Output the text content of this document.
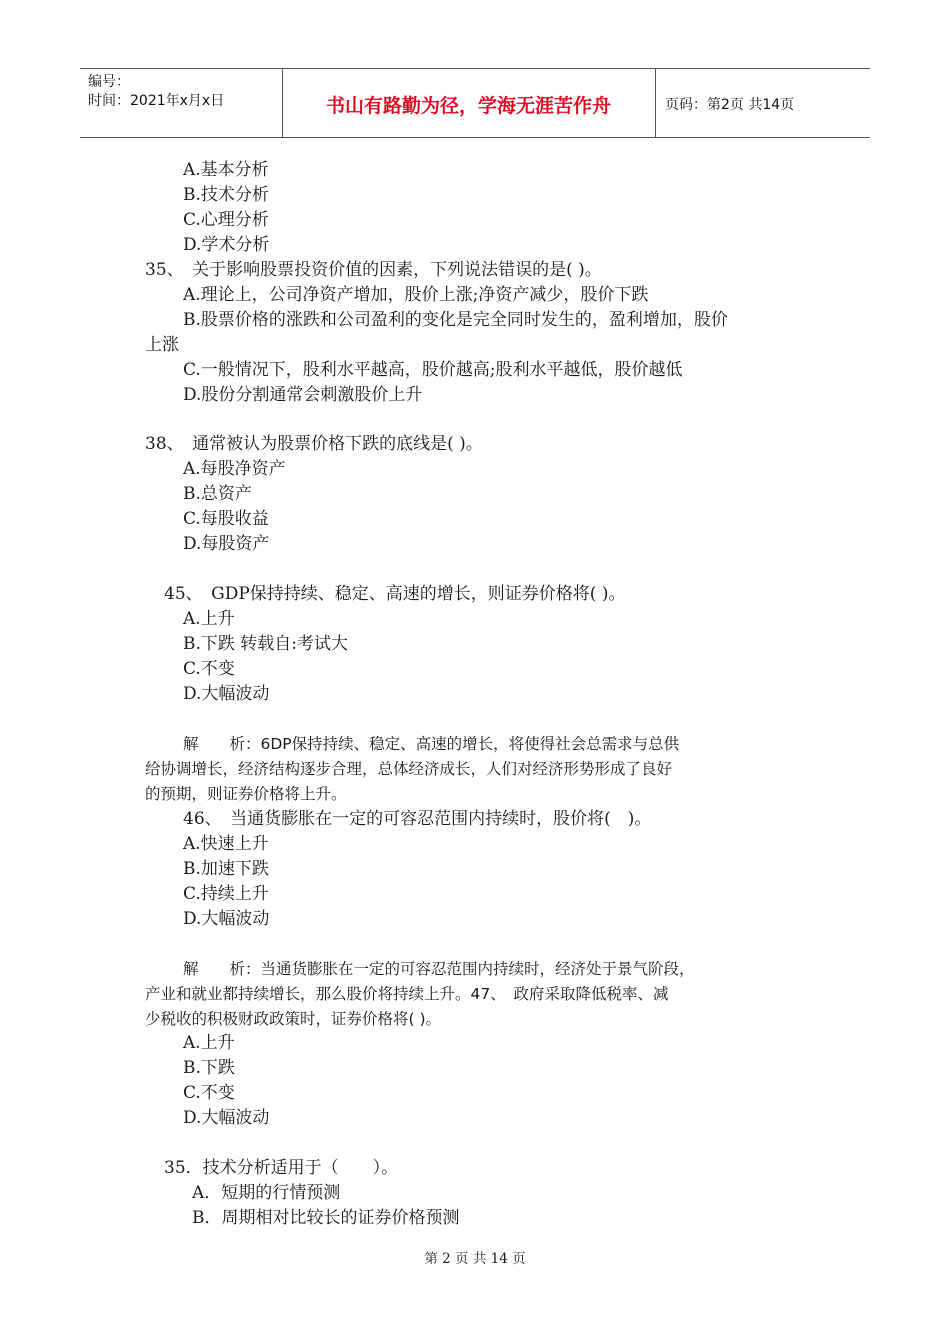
编号：
时间：2021年x月x日	书山有路勤为径，学海无涯苦作舟	页码：第2页 共14页
A.基本分析
B.技术分析
C.心理分析
D.学术分析
35、　关于影响股票投资价值的因素，下列说法错误的是( )。
A.理论上，公司净资产增加，股价上涨;净资产减少，股价下跌
B.股票价格的涨跌和公司盈利的变化是完全同时发生的，盈利增加，股价
上涨
C.一般情况下，股利水平越高，股价越高;股利水平越低，股价越低
D.股份分割通常会刺激股价上升
38、　通常被认为股票价格下跌的底线是( )。
A.每股净资产
B.总资产
C.每股收益
D.每股资产
45、　GDP保持持续、稳定、高速的增长，则证券价格将( )。
A.上升
B.下跌 转载自:考试大
C.不变
D.大幅波动
解　　析：6DP保持持续、稳定、高速的增长，将使得社会总需求与总供
给协调增长，经济结构逐步合理，总体经济成长，人们对经济形势形成了良好
的预期，则证券价格将上升。
46、　当通货膨胀在一定的可容忍范围内持续时，股价将(　)。
A.快速上升
B.加速下跌
C.持续上升
D.大幅波动
解　　析：当通货膨胀在一定的可容忍范围内持续时，经济处于景气阶段，
产业和就业都持续增长，那么股价将持续上升。47、　政府采取降低税率、减
少税收的积极财政政策时，证券价格将( )。
A.上升
B.下跌
C.不变
D.大幅波动
35．技术分析适用于（　　）。
A．短期的行情预测
B．周期相对比较长的证券价格预测
第 2 页 共 14 页
